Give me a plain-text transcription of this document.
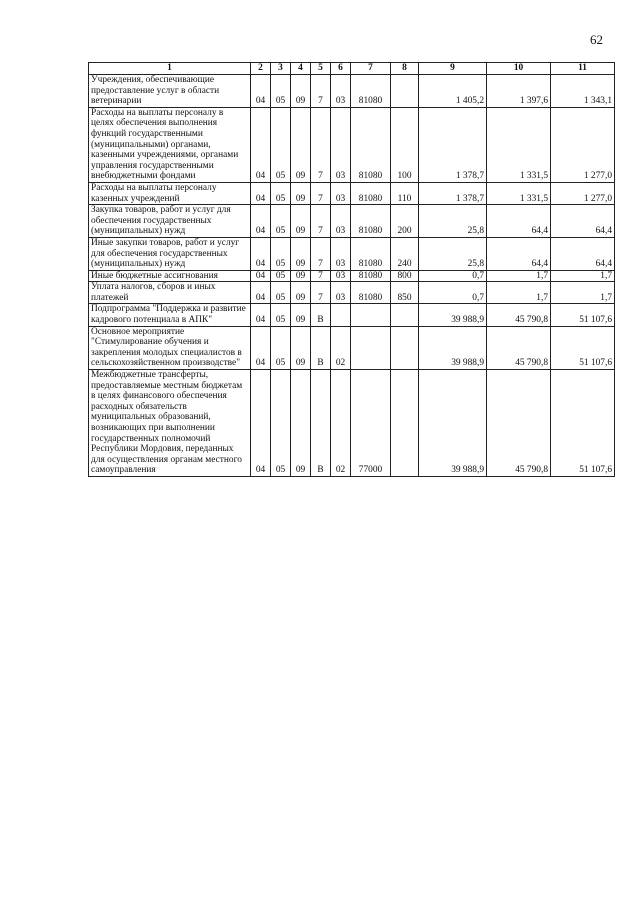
62
1	2	3	4	5	6	7	8	9	10	11
Учреждения, обеспечивающие предоставление услуг в области ветеринарии	04	05	09	7	03	81080		1 405,2	1 397,6	1 343,1
Расходы на выплаты персоналу в целях обеспечения выполнения функций государственными (муниципальными) органами, казенными учреждениями, органами управления государственными внебюджетными фондами	04	05	09	7	03	81080	100	1 378,7	1 331,5	1 277,0
Расходы на выплаты персоналу казенных учреждений	04	05	09	7	03	81080	110	1 378,7	1 331,5	1 277,0
Закупка товаров, работ и услуг для обеспечения государственных (муниципальных) нужд	04	05	09	7	03	81080	200	25,8	64,4	64,4
Иные закупки товаров, работ и услуг для обеспечения государственных (муниципальных) нужд	04	05	09	7	03	81080	240	25,8	64,4	64,4
Иные бюджетные ассигнования	04	05	09	7	03	81080	800	0,7	1,7	1,7
Уплата налогов, сборов и иных платежей	04	05	09	7	03	81080	850	0,7	1,7	1,7
Подпрограмма "Поддержка и развитие кадрового потенциала в АПК"	04	05	09	В				39 988,9	45 790,8	51 107,6
Основное мероприятие "Стимулирование обучения и закрепления молодых специалистов в сельскохозяйственном производстве"	04	05	09	В	02			39 988,9	45 790,8	51 107,6
Межбюджетные трансферты, предоставляемые местным бюджетам в целях финансового обеспечения расходных обязательств муниципальных образований, возникающих при выполнении государственных полномочий Республики Мордовия, переданных для осуществления органам местного самоуправления	04	05	09	В	02	77000		39 988,9	45 790,8	51 107,6
